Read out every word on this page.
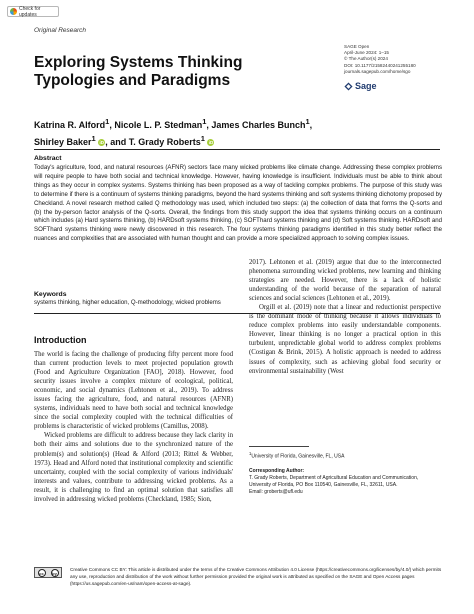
Check for updates
Original Research
SAGE Open
April-June 2024: 1–15
© The Author(s) 2024
DOI: 10.1177/21582440241255180
journals.sagepub.com/home/sgo
Sage
Exploring Systems Thinking Typologies and Paradigms
Katrina R. Alford$^1$, Nicole L. P. Stedman$^1$, James Charles Bunch$^1$,
Shirley Baker$^1$ iD, and T. Grady Roberts$^1$ iD
Abstract
Today's agriculture, food, and natural resources (AFNR) sectors face many wicked problems like climate change. Addressing these complex problems will require people to have both social and technical knowledge. However, having knowledge is insufficient. Individuals must be able to think about things as they occur in complex systems. Systems thinking has been proposed as a way of tackling complex problems. The purpose of this study was to determine if there is a continuum of systems thinking paradigms, beyond the hard systems thinking and soft systems thinking dichotomy proposed by Checkland. A novel research method called Q methodology was used, which included two steps: (a) the collection of data that forms the Q-sorts and (b) the by-person factor analysis of the Q-sorts. Overall, the findings from this study support the idea that systems thinking occurs on a continuum which includes (a) Hard systems thinking, (b) HARDsoft systems thinking, (c) SOFThard systems thinking and (d) Soft systems thinking. HARDsoft and SOFThard systems thinking were newly discovered in this research. The four systems thinking paradigms identified in this study better reflect the nuances and complexities that are associated with human thought and can provide a more specialized approach to solving complex issues.
Keywords
systems thinking, higher education, Q-methodology, wicked problems
Introduction

The world is facing the challenge of producing fifty percent more food than current production levels to meet projected population growth (Food and Agriculture Organization [FAO], 2018). However, food security issues involve a complex mixture of ecological, political, economic, and social dynamics (Lehtonen et al., 2019). To address issues facing the agriculture, food, and natural resources (AFNR) systems, individuals need to have both social and technical knowledge since the social complexity coupled with the technical difficulties of problems is characteristic of wicked problems (Camillus, 2008).

Wicked problems are difficult to address because they lack clarity in both their aims and solutions due to the synchronized nature of the problem(s) and solution(s) (Head & Alford (2013; Rittel & Webber, 1973). Head and Alford noted that institutional complexity and scientific uncertainty, coupled with the social complexity of various individuals' interests and values, contribute to addressing wicked problems. As a result, it is challenging to find an optimal solution that satisfies all involved in addressing wicked problems (Checkland, 1985; Sion,

2017). Lehtonen et al. (2019) argue that due to the interconnected phenomena surrounding wicked problems, new learning and thinking strategies are needed. However, there is a lack of holistic understanding of the world because of the separation of natural sciences and social sciences (Lehtonen et al., 2019).

Orgill et al. (2019) note that a linear and reductionist perspective is the dominant mode of thinking because it allows individuals to reduce complex problems into easily understandable components. However, linear thinking is no longer a practical option in this turbulent, unpredictable global world to address complex problems (Costigan & Brink, 2015). A holistic approach is needed to address issues of complexity, such as achieving global food security or environmental sustainability (West

$^1$University of Florida, Gainesville, FL, USA
Corresponding Author:
T. Grady Roberts, Department of Agricultural Education and Communication, University of Florida, PO Box 110540, Gainesville, FL, 32611, USA.
Email: groberts@ufl.edu
cc	by
Creative Commons CC BY: This article is distributed under the terms of the Creative Commons Attribution 4.0 License (https://creativecommons.org/licenses/by/4.0/) which permits any use, reproduction and distribution of the work without further permission provided the original work is attributed as specified on the SAGE and Open Access pages (https://us.sagepub.com/en-us/nam/open-access-at-sage).
